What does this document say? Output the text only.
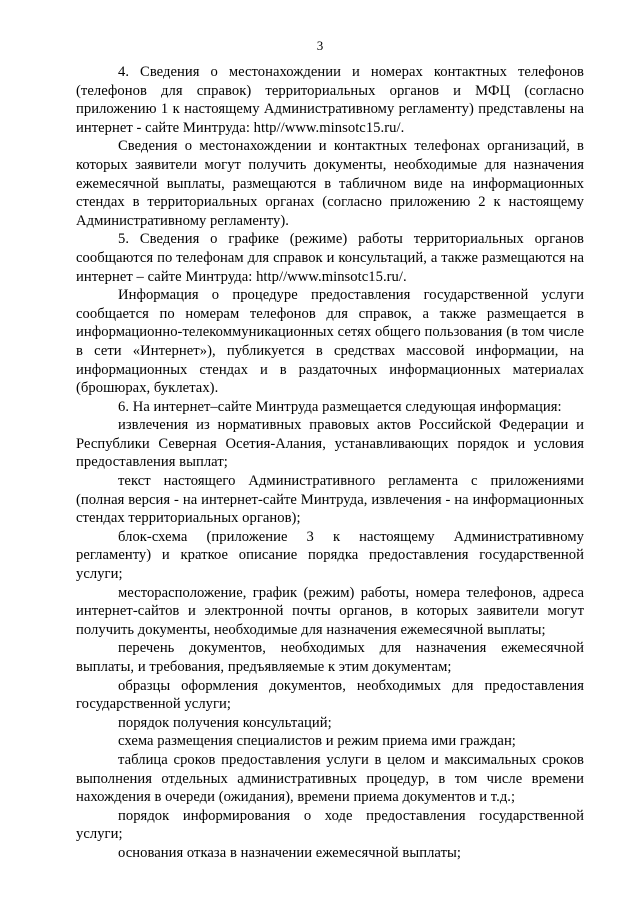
3

4. Сведения о местонахождении и номерах контактных телефонов (телефонов для справок) территориальных органов и МФЦ (согласно приложению 1 к настоящему Административному регламенту) представлены на интернет - сайте Минтруда: http//www.minsotc15.ru/.

Сведения о местонахождении и контактных телефонах организаций, в которых заявители могут получить документы, необходимые для назначения ежемесячной выплаты, размещаются в табличном виде на информационных стендах в территориальных органах (согласно приложению 2 к настоящему Административному регламенту).

5. Сведения о графике (режиме) работы территориальных органов сообщаются по телефонам для справок и консультаций, а также размещаются на интернет – сайте Минтруда: http//www.minsotc15.ru/.

Информация о процедуре предоставления государственной услуги сообщается по номерам телефонов для справок, а также размещается в информационно-телекоммуникационных сетях общего пользования (в том числе в сети «Интернет»), публикуется в средствах массовой информации, на информационных стендах и в раздаточных информационных материалах (брошюрах, буклетах).

6. На интернет–сайте Минтруда размещается следующая информация:

извлечения из нормативных правовых актов Российской Федерации и Республики Северная Осетия-Алания, устанавливающих порядок и условия предоставления выплат;

текст настоящего Административного регламента с приложениями (полная версия - на интернет-сайте Минтруда, извлечения - на информационных стендах территориальных органов);

блок-схема (приложение 3 к настоящему Административному регламенту) и краткое описание порядка предоставления государственной услуги;

месторасположение, график (режим) работы, номера телефонов, адреса интернет-сайтов и электронной почты органов, в которых заявители могут получить документы, необходимые для назначения ежемесячной выплаты;

перечень документов, необходимых для назначения ежемесячной выплаты, и требования, предъявляемые к этим документам;

образцы оформления документов, необходимых для предоставления государственной услуги;

порядок получения консультаций;

схема размещения специалистов и режим приема ими граждан;

таблица сроков предоставления услуги в целом и максимальных сроков выполнения отдельных административных процедур, в том числе времени нахождения в очереди (ожидания), времени приема документов и т.д.;

порядок информирования о ходе предоставления государственной услуги;

основания отказа в назначении ежемесячной выплаты;
